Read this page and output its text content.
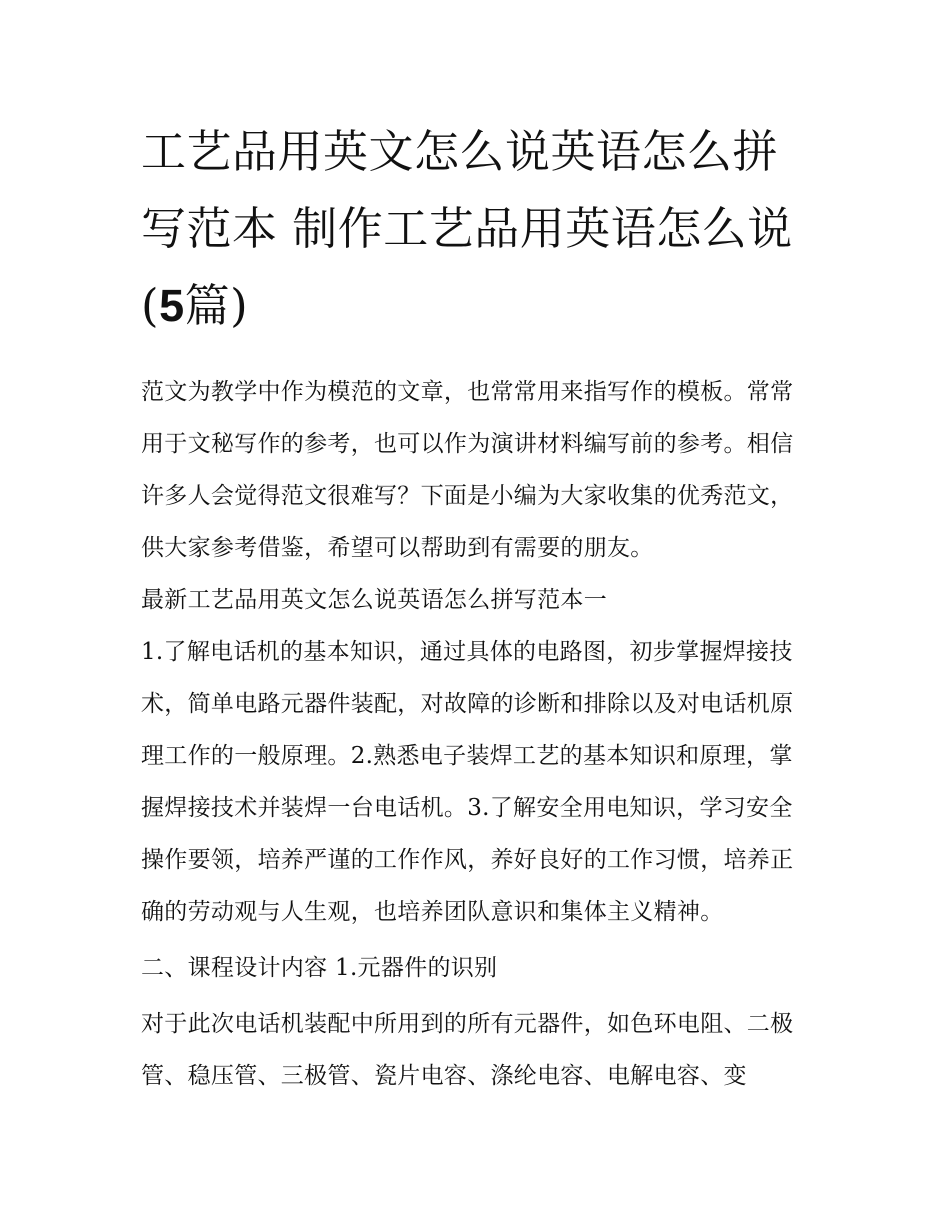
工艺品用英文怎么说英语怎么拼写范本 制作工艺品用英语怎么说(5篇)

范文为教学中作为模范的文章，也常常用来指写作的模板。常常用于文秘写作的参考，也可以作为演讲材料编写前的参考。相信许多人会觉得范文很难写？下面是小编为大家收集的优秀范文，供大家参考借鉴，希望可以帮助到有需要的朋友。

最新工艺品用英文怎么说英语怎么拼写范本一

1.了解电话机的基本知识，通过具体的电路图，初步掌握焊接技术，简单电路元器件装配，对故障的诊断和排除以及对电话机原理工作的一般原理。2.熟悉电子装焊工艺的基本知识和原理，掌握焊接技术并装焊一台电话机。3.了解安全用电知识，学习安全操作要领，培养严谨的工作作风，养好良好的工作习惯，培养正确的劳动观与人生观，也培养团队意识和集体主义精神。

二、课程设计内容 1.元器件的识别

对于此次电话机装配中所用到的所有元器件，如色环电阻、二极管、稳压管、三极管、瓷片电容、涤纶电容、电解电容、变
